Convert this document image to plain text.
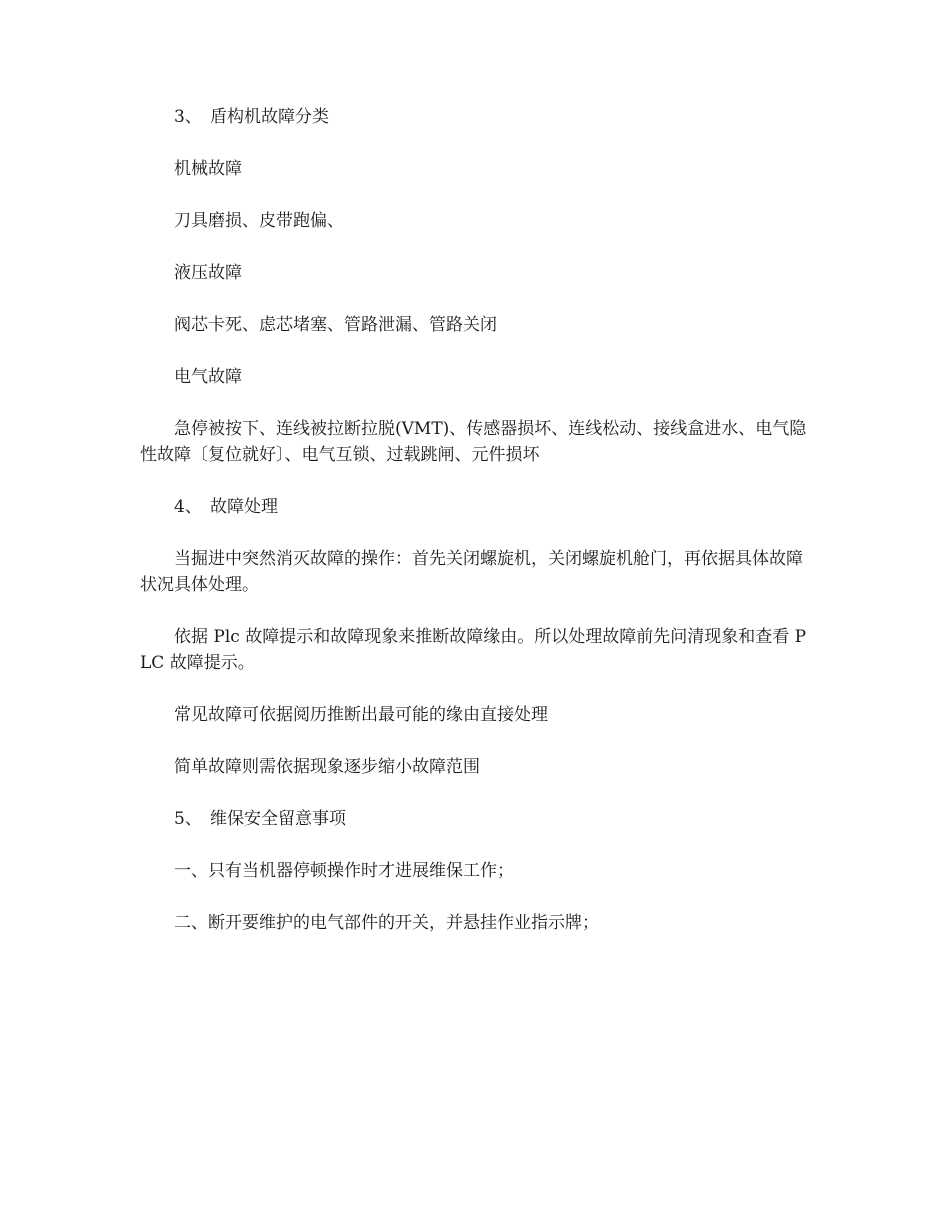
3、 盾构机故障分类

机械故障

刀具磨损、皮带跑偏、

液压故障

阀芯卡死、虑芯堵塞、管路泄漏、管路关闭

电气故障

急停被按下、连线被拉断拉脱(VMT)、传感器损坏、连线松动、接线盒进水、电气隐性故障〔复位就好〕、电气互锁、过载跳闸、元件损坏

4、 故障处理

当掘进中突然消灭故障的操作：首先关闭螺旋机，关闭螺旋机舱门，再依据具体故障状况具体处理。

依据 Plc 故障提示和故障现象来推断故障缘由。所以处理故障前先问清现象和查看 PLC 故障提示。

常见故障可依据阅历推断出最可能的缘由直接处理

简单故障则需依据现象逐步缩小故障范围

5、 维保安全留意事项

一、只有当机器停顿操作时才进展维保工作；

二、断开要维护的电气部件的开关，并悬挂作业指示牌；
